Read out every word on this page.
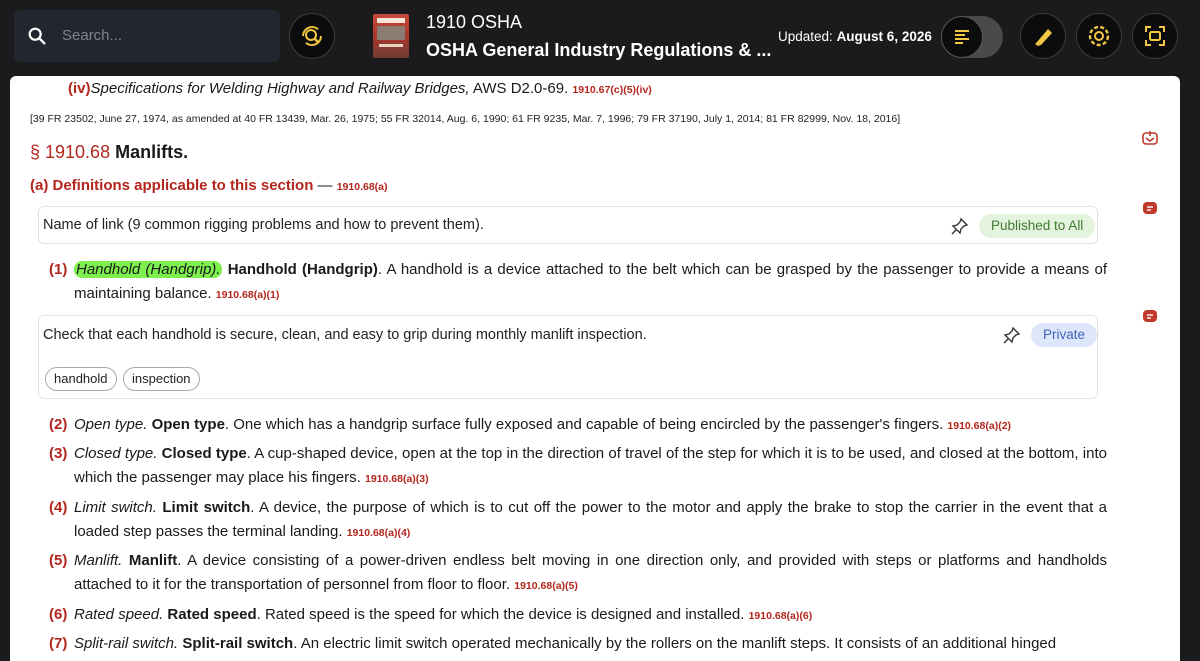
Search...
1910 OSHA
OSHA General Industry Regulations & ...
Updated: August 6, 2026
(iv)Specifications for Welding Highway and Railway Bridges, AWS D2.0-69. 1910.67(c)(5)(iv)
[39 FR 23502, June 27, 1974, as amended at 40 FR 13439, Mar. 26, 1975; 55 FR 32014, Aug. 6, 1990; 61 FR 9235, Mar. 7, 1996; 79 FR 37190, July 1, 2014; 81 FR 82999, Nov. 18, 2016]
§ 1910.68 Manlifts.
(a) Definitions applicable to this section — 1910.68(a)
Name of link (9 common rigging problems and how to prevent them).	Published to All
(1) Handhold (Handgrip). Handhold (Handgrip). A handhold is a device attached to the belt which can be grasped by the passenger to provide a means of maintaining balance. 1910.68(a)(1)
Check that each handhold is secure, clean, and easy to grip during monthly manlift inspection.	Private
handhold	inspection
(2) Open type. Open type. One which has a handgrip surface fully exposed and capable of being encircled by the passenger's fingers. 1910.68(a)(2)
(3) Closed type. Closed type. A cup-shaped device, open at the top in the direction of travel of the step for which it is to be used, and closed at the bottom, into which the passenger may place his fingers. 1910.68(a)(3)
(4) Limit switch. Limit switch. A device, the purpose of which is to cut off the power to the motor and apply the brake to stop the carrier in the event that a loaded step passes the terminal landing. 1910.68(a)(4)
(5) Manlift. Manlift. A device consisting of a power-driven endless belt moving in one direction only, and provided with steps or platforms and handholds attached to it for the transportation of personnel from floor to floor. 1910.68(a)(5)
(6) Rated speed. Rated speed. Rated speed is the speed for which the device is designed and installed. 1910.68(a)(6)
(7) Split-rail switch. Split-rail switch. An electric limit switch operated mechanically by the rollers on the manlift steps. It consists of an additional hinged
